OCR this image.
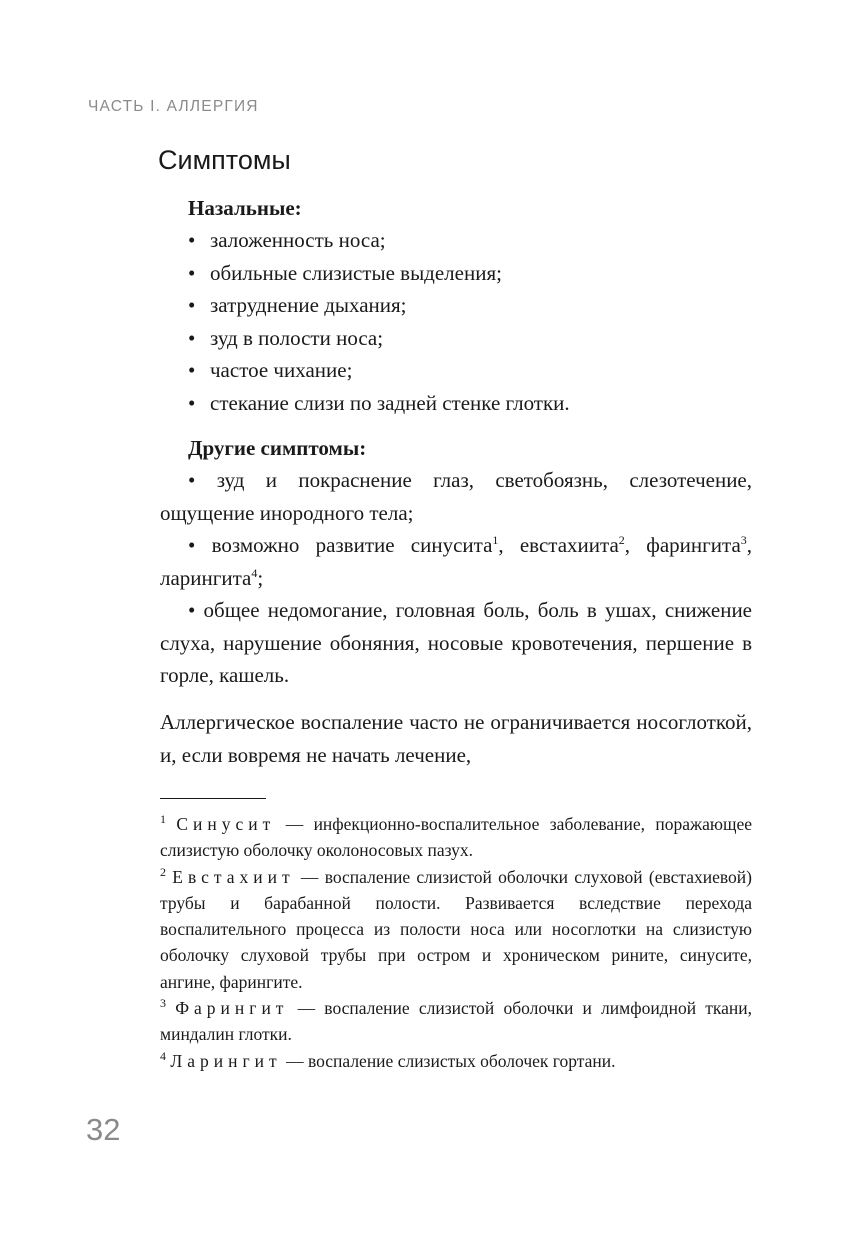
ЧАСТЬ I. АЛЛЕРГИЯ
Симптомы
Назальные:
• заложенность носа;
• обильные слизистые выделения;
• затруднение дыхания;
• зуд в полости носа;
• частое чихание;
• стекание слизи по задней стенке глотки.
Другие симптомы:

• зуд и покраснение глаз, светобоязнь, слезотечение, ощущение инородного тела;

• возможно развитие синусита$^1$, евстахиита$^2$, фарингита$^3$, ларингита$^4$;

• общее недомогание, головная боль, боль в ушах, снижение слуха, нарушение обоняния, носовые кровотечения, першение в горле, кашель.

Аллергическое воспаление часто не ограничивается носоглоткой, и, если вовремя не начать лечение,

$^1$ Синусит — инфекционно-воспалительное заболевание, поражающее слизистую оболочку околоносовых пазух.

$^2$ Евстахиит — воспаление слизистой оболочки слуховой (евстахиевой) трубы и барабанной полости. Развивается вследствие перехода воспалительного процесса из полости носа или носоглотки на слизистую оболочку слуховой трубы при остром и хроническом рините, синусите, ангине, фарингите.

$^3$ Фарингит — воспаление слизистой оболочки и лимфоидной ткани, миндалин глотки.

$^4$ Ларингит — воспаление слизистых оболочек гортани.

32
